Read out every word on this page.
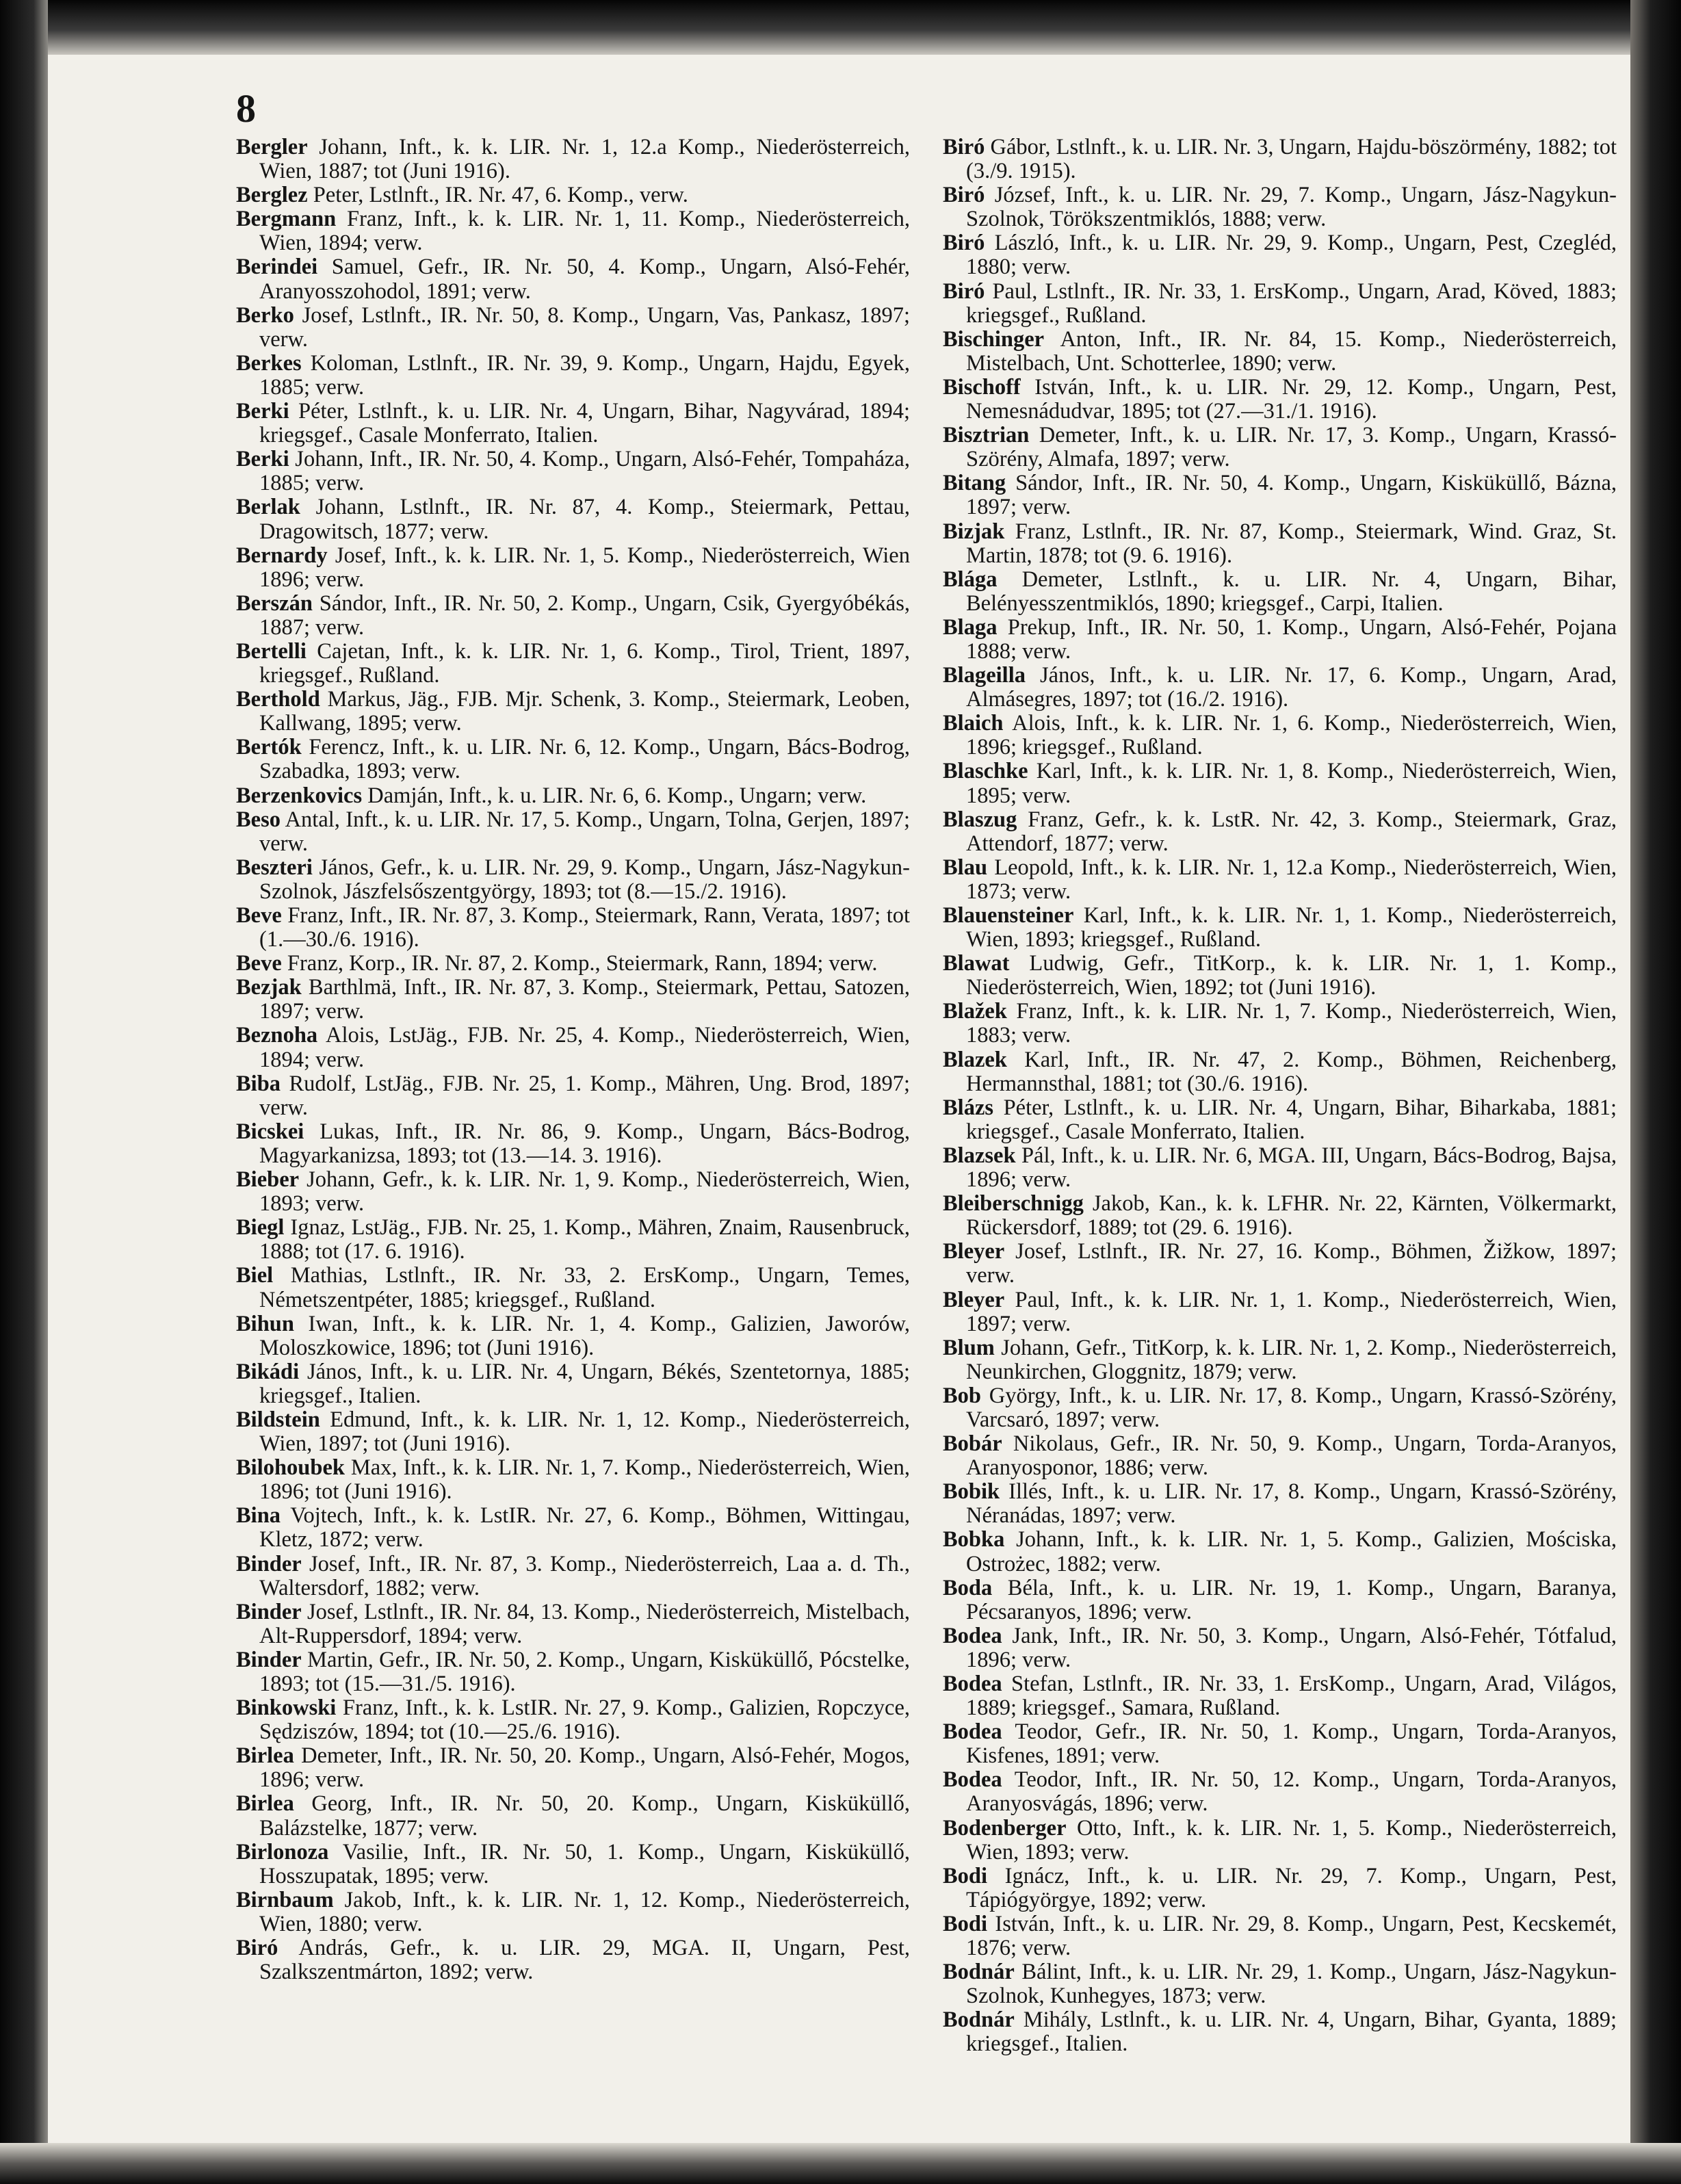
8

Bergler Johann, Inft., k. k. LIR. Nr. 1, 12.a Komp., Niederösterreich, Wien, 1887; tot (Juni 1916).

Berglez Peter, Lstlnft., IR. Nr. 47, 6. Komp., verw.

Bergmann Franz, Inft., k. k. LIR. Nr. 1, 11. Komp., Niederösterreich, Wien, 1894; verw.

Berindei Samuel, Gefr., IR. Nr. 50, 4. Komp., Ungarn, Alsó-Fehér, Aranyosszohodol, 1891; verw.

Berko Josef, Lstlnft., IR. Nr. 50, 8. Komp., Ungarn, Vas, Pankasz, 1897; verw.

Berkes Koloman, Lstlnft., IR. Nr. 39, 9. Komp., Ungarn, Hajdu, Egyek, 1885; verw.

Berki Péter, Lstlnft., k. u. LIR. Nr. 4, Ungarn, Bihar, Nagyvárad, 1894; kriegsgef., Casale Monferrato, Italien.

Berki Johann, Inft., IR. Nr. 50, 4. Komp., Ungarn, Alsó-Fehér, Tompaháza, 1885; verw.

Berlak Johann, Lstlnft., IR. Nr. 87, 4. Komp., Steiermark, Pettau, Dragowitsch, 1877; verw.

Bernardy Josef, Inft., k. k. LIR. Nr. 1, 5. Komp., Niederösterreich, Wien 1896; verw.

Berszán Sándor, Inft., IR. Nr. 50, 2. Komp., Ungarn, Csik, Gyergyóbékás, 1887; verw.

Bertelli Cajetan, Inft., k. k. LIR. Nr. 1, 6. Komp., Tirol, Trient, 1897, kriegsgef., Rußland.

Berthold Markus, Jäg., FJB. Mjr. Schenk, 3. Komp., Steiermark, Leoben, Kallwang, 1895; verw.

Bertók Ferencz, Inft., k. u. LIR. Nr. 6, 12. Komp., Ungarn, Bács-Bodrog, Szabadka, 1893; verw.

Berzenkovics Damján, Inft., k. u. LIR. Nr. 6, 6. Komp., Ungarn; verw.

Beso Antal, Inft., k. u. LIR. Nr. 17, 5. Komp., Ungarn, Tolna, Gerjen, 1897; verw.

Beszteri János, Gefr., k. u. LIR. Nr. 29, 9. Komp., Ungarn, Jász-Nagykun-Szolnok, Jászfelsőszentgyörgy, 1893; tot (8.—15./2. 1916).

Beve Franz, Inft., IR. Nr. 87, 3. Komp., Steiermark, Rann, Verata, 1897; tot (1.—30./6. 1916).

Beve Franz, Korp., IR. Nr. 87, 2. Komp., Steiermark, Rann, 1894; verw.

Bezjak Barthlmä, Inft., IR. Nr. 87, 3. Komp., Steiermark, Pettau, Satozen, 1897; verw.

Beznoha Alois, LstJäg., FJB. Nr. 25, 4. Komp., Niederösterreich, Wien, 1894; verw.

Biba Rudolf, LstJäg., FJB. Nr. 25, 1. Komp., Mähren, Ung. Brod, 1897; verw.

Bicskei Lukas, Inft., IR. Nr. 86, 9. Komp., Ungarn, Bács-Bodrog, Magyarkanizsa, 1893; tot (13.—14. 3. 1916).

Bieber Johann, Gefr., k. k. LIR. Nr. 1, 9. Komp., Niederösterreich, Wien, 1893; verw.

Biegl Ignaz, LstJäg., FJB. Nr. 25, 1. Komp., Mähren, Znaim, Rausenbruck, 1888; tot (17. 6. 1916).

Biel Mathias, Lstlnft., IR. Nr. 33, 2. ErsKomp., Ungarn, Temes, Németszentpéter, 1885; kriegsgef., Rußland.

Bihun Iwan, Inft., k. k. LIR. Nr. 1, 4. Komp., Galizien, Jaworów, Moloszkowice, 1896; tot (Juni 1916).

Bikádi János, Inft., k. u. LIR. Nr. 4, Ungarn, Békés, Szentetornya, 1885; kriegsgef., Italien.

Bildstein Edmund, Inft., k. k. LIR. Nr. 1, 12. Komp., Niederösterreich, Wien, 1897; tot (Juni 1916).

Bilohoubek Max, Inft., k. k. LIR. Nr. 1, 7. Komp., Niederösterreich, Wien, 1896; tot (Juni 1916).

Bina Vojtech, Inft., k. k. LstIR. Nr. 27, 6. Komp., Böhmen, Wittingau, Kletz, 1872; verw.

Binder Josef, Inft., IR. Nr. 87, 3. Komp., Niederösterreich, Laa a. d. Th., Waltersdorf, 1882; verw.

Binder Josef, Lstlnft., IR. Nr. 84, 13. Komp., Niederösterreich, Mistelbach, Alt-Ruppersdorf, 1894; verw.

Binder Martin, Gefr., IR. Nr. 50, 2. Komp., Ungarn, Kisküküllő, Pócstelke, 1893; tot (15.—31./5. 1916).

Binkowski Franz, Inft., k. k. LstIR. Nr. 27, 9. Komp., Galizien, Ropczyce, Sędziszów, 1894; tot (10.—25./6. 1916).

Birlea Demeter, Inft., IR. Nr. 50, 20. Komp., Ungarn, Alsó-Fehér, Mogos, 1896; verw.

Birlea Georg, Inft., IR. Nr. 50, 20. Komp., Ungarn, Kisküküllő, Balázstelke, 1877; verw.

Birlonoza Vasilie, Inft., IR. Nr. 50, 1. Komp., Ungarn, Kisküküllő, Hosszupatak, 1895; verw.

Birnbaum Jakob, Inft., k. k. LIR. Nr. 1, 12. Komp., Niederösterreich, Wien, 1880; verw.

Biró András, Gefr., k. u. LIR. 29, MGA. II, Ungarn, Pest, Szalkszentmárton, 1892; verw.

Biró Gábor, Lstlnft., k. u. LIR. Nr. 3, Ungarn, Hajdu-böszörmény, 1882; tot (3./9. 1915).

Biró József, Inft., k. u. LIR. Nr. 29, 7. Komp., Ungarn, Jász-Nagykun-Szolnok, Törökszentmiklós, 1888; verw.

Biró László, Inft., k. u. LIR. Nr. 29, 9. Komp., Ungarn, Pest, Czegléd, 1880; verw.

Biró Paul, Lstlnft., IR. Nr. 33, 1. ErsKomp., Ungarn, Arad, Köved, 1883; kriegsgef., Rußland.

Bischinger Anton, Inft., IR. Nr. 84, 15. Komp., Niederösterreich, Mistelbach, Unt. Schotterlee, 1890; verw.

Bischoff István, Inft., k. u. LIR. Nr. 29, 12. Komp., Ungarn, Pest, Nemesnádudvar, 1895; tot (27.—31./1. 1916).

Bisztrian Demeter, Inft., k. u. LIR. Nr. 17, 3. Komp., Ungarn, Krassó-Szörény, Almafa, 1897; verw.

Bitang Sándor, Inft., IR. Nr. 50, 4. Komp., Ungarn, Kisküküllő, Bázna, 1897; verw.

Bizjak Franz, Lstlnft., IR. Nr. 87, Komp., Steiermark, Wind. Graz, St. Martin, 1878; tot (9. 6. 1916).

Blága Demeter, Lstlnft., k. u. LIR. Nr. 4, Ungarn, Bihar, Belényesszentmiklós, 1890; kriegsgef., Carpi, Italien.

Blaga Prekup, Inft., IR. Nr. 50, 1. Komp., Ungarn, Alsó-Fehér, Pojana 1888; verw.

Blageilla János, Inft., k. u. LIR. Nr. 17, 6. Komp., Ungarn, Arad, Almásegres, 1897; tot (16./2. 1916).

Blaich Alois, Inft., k. k. LIR. Nr. 1, 6. Komp., Niederösterreich, Wien, 1896; kriegsgef., Rußland.

Blaschke Karl, Inft., k. k. LIR. Nr. 1, 8. Komp., Niederösterreich, Wien, 1895; verw.

Blaszug Franz, Gefr., k. k. LstR. Nr. 42, 3. Komp., Steiermark, Graz, Attendorf, 1877; verw.

Blau Leopold, Inft., k. k. LIR. Nr. 1, 12.a Komp., Niederösterreich, Wien, 1873; verw.

Blauensteiner Karl, Inft., k. k. LIR. Nr. 1, 1. Komp., Niederösterreich, Wien, 1893; kriegsgef., Rußland.

Blawat Ludwig, Gefr., TitKorp., k. k. LIR. Nr. 1, 1. Komp., Niederösterreich, Wien, 1892; tot (Juni 1916).

Blažek Franz, Inft., k. k. LIR. Nr. 1, 7. Komp., Niederösterreich, Wien, 1883; verw.

Blazek Karl, Inft., IR. Nr. 47, 2. Komp., Böhmen, Reichenberg, Hermannsthal, 1881; tot (30./6. 1916).

Blázs Péter, Lstlnft., k. u. LIR. Nr. 4, Ungarn, Bihar, Biharkaba, 1881; kriegsgef., Casale Monferrato, Italien.

Blazsek Pál, Inft., k. u. LIR. Nr. 6, MGA. III, Ungarn, Bács-Bodrog, Bajsa, 1896; verw.

Bleiberschnigg Jakob, Kan., k. k. LFHR. Nr. 22, Kärnten, Völkermarkt, Rückersdorf, 1889; tot (29. 6. 1916).

Bleyer Josef, Lstlnft., IR. Nr. 27, 16. Komp., Böhmen, Žižkow, 1897; verw.

Bleyer Paul, Inft., k. k. LIR. Nr. 1, 1. Komp., Niederösterreich, Wien, 1897; verw.

Blum Johann, Gefr., TitKorp, k. k. LIR. Nr. 1, 2. Komp., Niederösterreich, Neunkirchen, Gloggnitz, 1879; verw.

Bob György, Inft., k. u. LIR. Nr. 17, 8. Komp., Ungarn, Krassó-Szörény, Varcsaró, 1897; verw.

Bobár Nikolaus, Gefr., IR. Nr. 50, 9. Komp., Ungarn, Torda-Aranyos, Aranyosponor, 1886; verw.

Bobik Illés, Inft., k. u. LIR. Nr. 17, 8. Komp., Ungarn, Krassó-Szörény, Néranádas, 1897; verw.

Bobka Johann, Inft., k. k. LIR. Nr. 1, 5. Komp., Galizien, Mościska, Ostrożec, 1882; verw.

Boda Béla, Inft., k. u. LIR. Nr. 19, 1. Komp., Ungarn, Baranya, Pécsaranyos, 1896; verw.

Bodea Jank, Inft., IR. Nr. 50, 3. Komp., Ungarn, Alsó-Fehér, Tótfalud, 1896; verw.

Bodea Stefan, Lstlnft., IR. Nr. 33, 1. ErsKomp., Ungarn, Arad, Világos, 1889; kriegsgef., Samara, Rußland.

Bodea Teodor, Gefr., IR. Nr. 50, 1. Komp., Ungarn, Torda-Aranyos, Kisfenes, 1891; verw.

Bodea Teodor, Inft., IR. Nr. 50, 12. Komp., Ungarn, Torda-Aranyos, Aranyosvágás, 1896; verw.

Bodenberger Otto, Inft., k. k. LIR. Nr. 1, 5. Komp., Niederösterreich, Wien, 1893; verw.

Bodi Ignácz, Inft., k. u. LIR. Nr. 29, 7. Komp., Ungarn, Pest, Tápiógyörgye, 1892; verw.

Bodi István, Inft., k. u. LIR. Nr. 29, 8. Komp., Ungarn, Pest, Kecskemét, 1876; verw.

Bodnár Bálint, Inft., k. u. LIR. Nr. 29, 1. Komp., Ungarn, Jász-Nagykun-Szolnok, Kunhegyes, 1873; verw.

Bodnár Mihály, Lstlnft., k. u. LIR. Nr. 4, Ungarn, Bihar, Gyanta, 1889; kriegsgef., Italien.
